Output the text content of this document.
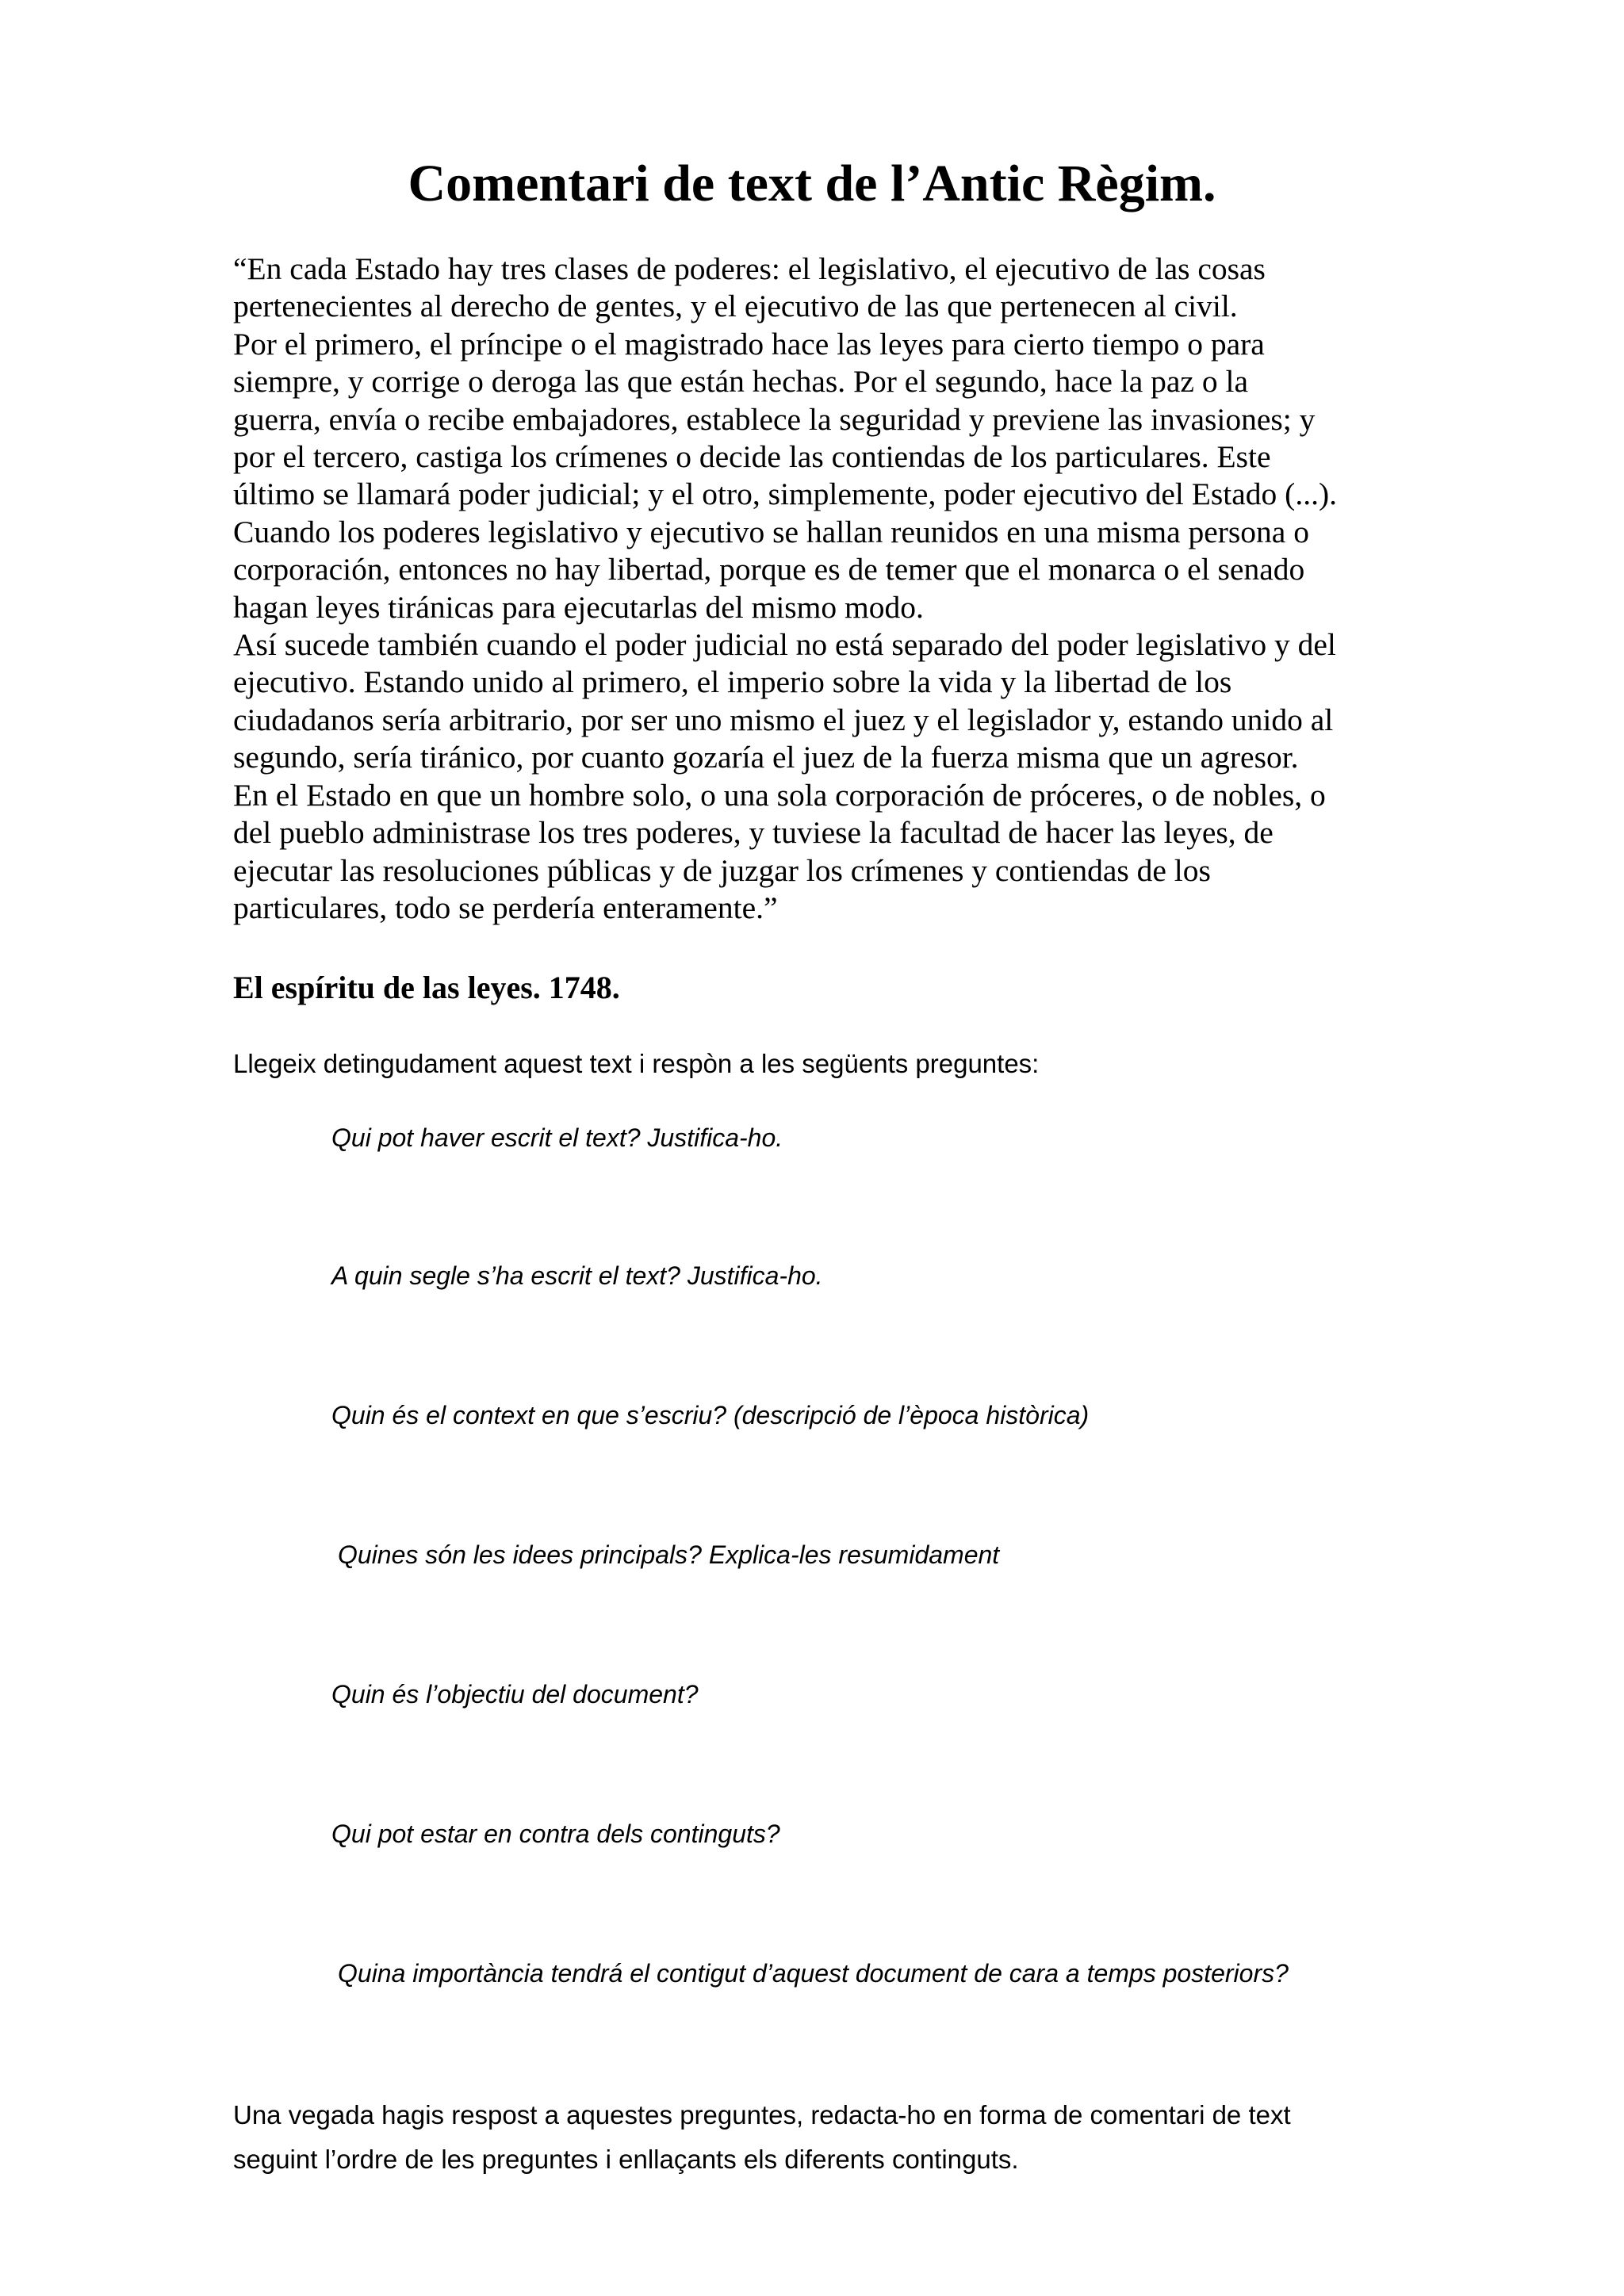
Comentari de text de l’Antic Règim.
“En cada Estado hay tres clases de poderes: el legislativo, el ejecutivo de las cosas
pertenecientes al derecho de gentes, y el ejecutivo de las que pertenecen al civil.
Por el primero, el príncipe o el magistrado hace las leyes para cierto tiempo o para
siempre, y corrige o deroga las que están hechas. Por el segundo, hace la paz o la
guerra, envía o recibe embajadores, establece la seguridad y previene las invasiones; y
por el tercero, castiga los crímenes o decide las contiendas de los particulares. Este
último se llamará poder judicial; y el otro, simplemente, poder ejecutivo del Estado (...).
Cuando los poderes legislativo y ejecutivo se hallan reunidos en una misma persona o
corporación, entonces no hay libertad, porque es de temer que el monarca o el senado
hagan leyes tiránicas para ejecutarlas del mismo modo.
Así sucede también cuando el poder judicial no está separado del poder legislativo y del
ejecutivo. Estando unido al primero, el imperio sobre la vida y la libertad de los
ciudadanos sería arbitrario, por ser uno mismo el juez y el legislador y, estando unido al
segundo, sería tiránico, por cuanto gozaría el juez de la fuerza misma que un agresor.
En el Estado en que un hombre solo, o una sola corporación de próceres, o de nobles, o
del pueblo administrase los tres poderes, y tuviese la facultad de hacer las leyes, de
ejecutar las resoluciones públicas y de juzgar los crímenes y contiendas de los
particulares, todo se perdería enteramente.”

El espíritu de las leyes. 1748.

Llegeix detingudament aquest text i respòn a les següents preguntes:

Qui pot haver escrit el text? Justifica-ho.
A quin segle s’ha escrit el text? Justifica-ho.
Quin és el context en que s’escriu? (descripció de l’època històrica)
Quines són les idees principals? Explica-les resumidament
Quin és l’objectiu del document?
Qui pot estar en contra dels continguts?
Quina importància tendrá el contigut d’aquest document de cara a temps posteriors?
Una vegada hagis respost a aquestes preguntes, redacta-ho en forma de comentari de text
seguint l’ordre de les preguntes i enllaçants els diferents continguts.
